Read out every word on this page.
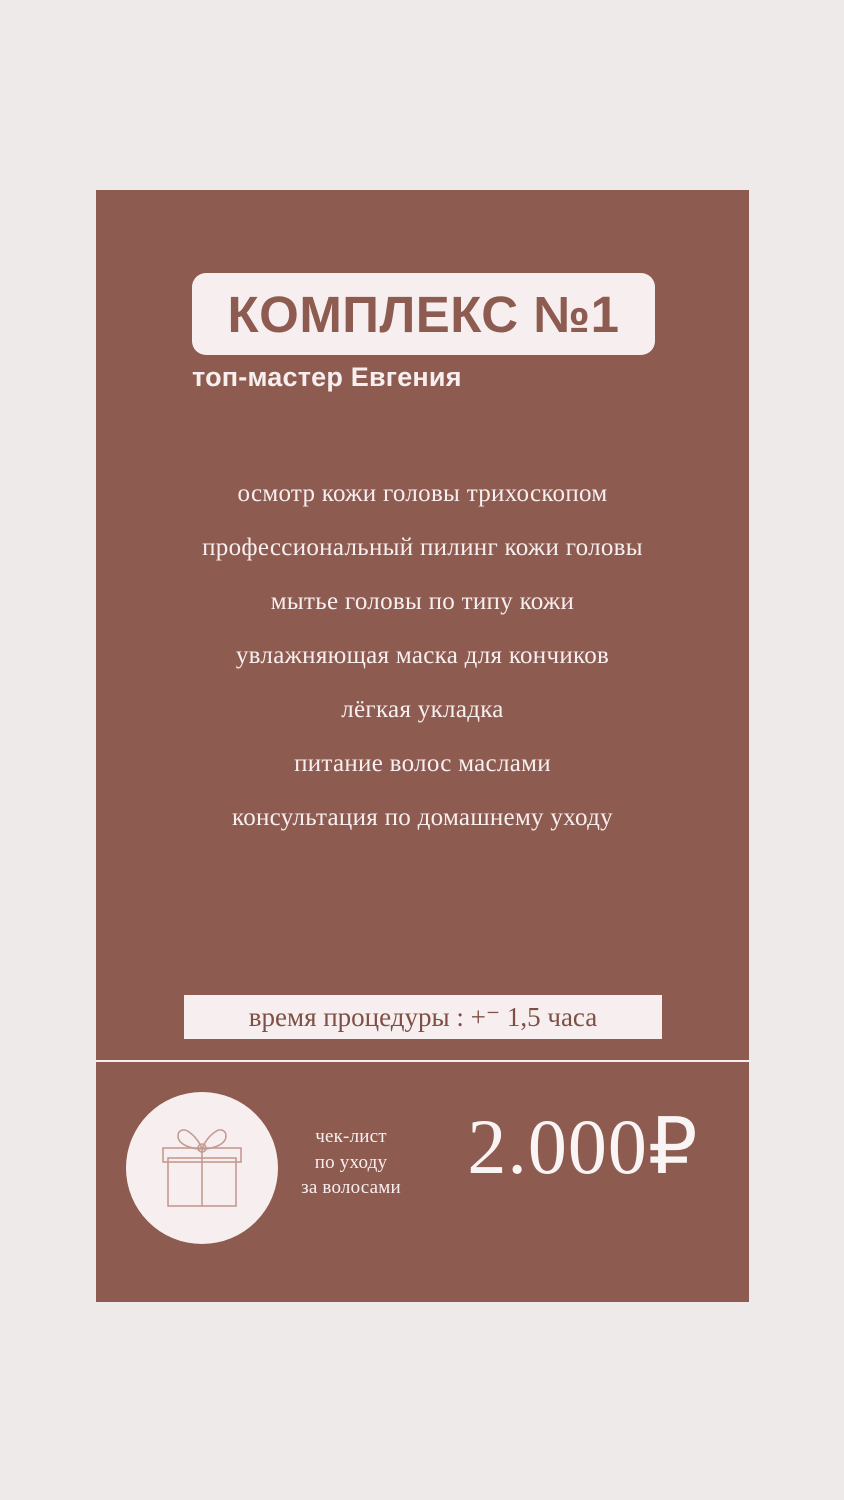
КОМПЛЕКС №1
топ-мастер Евгения
осмотр кожи головы трихоскопом
профессиональный пилинг кожи головы
мытье головы по типу кожи
увлажняющая маска для кончиков
лёгкая укладка
питание волос маслами
консультация по домашнему уходу
время процедуры : +⁻ 1,5 часа
чек-лист
по уходу
за волосами 2.000₽
